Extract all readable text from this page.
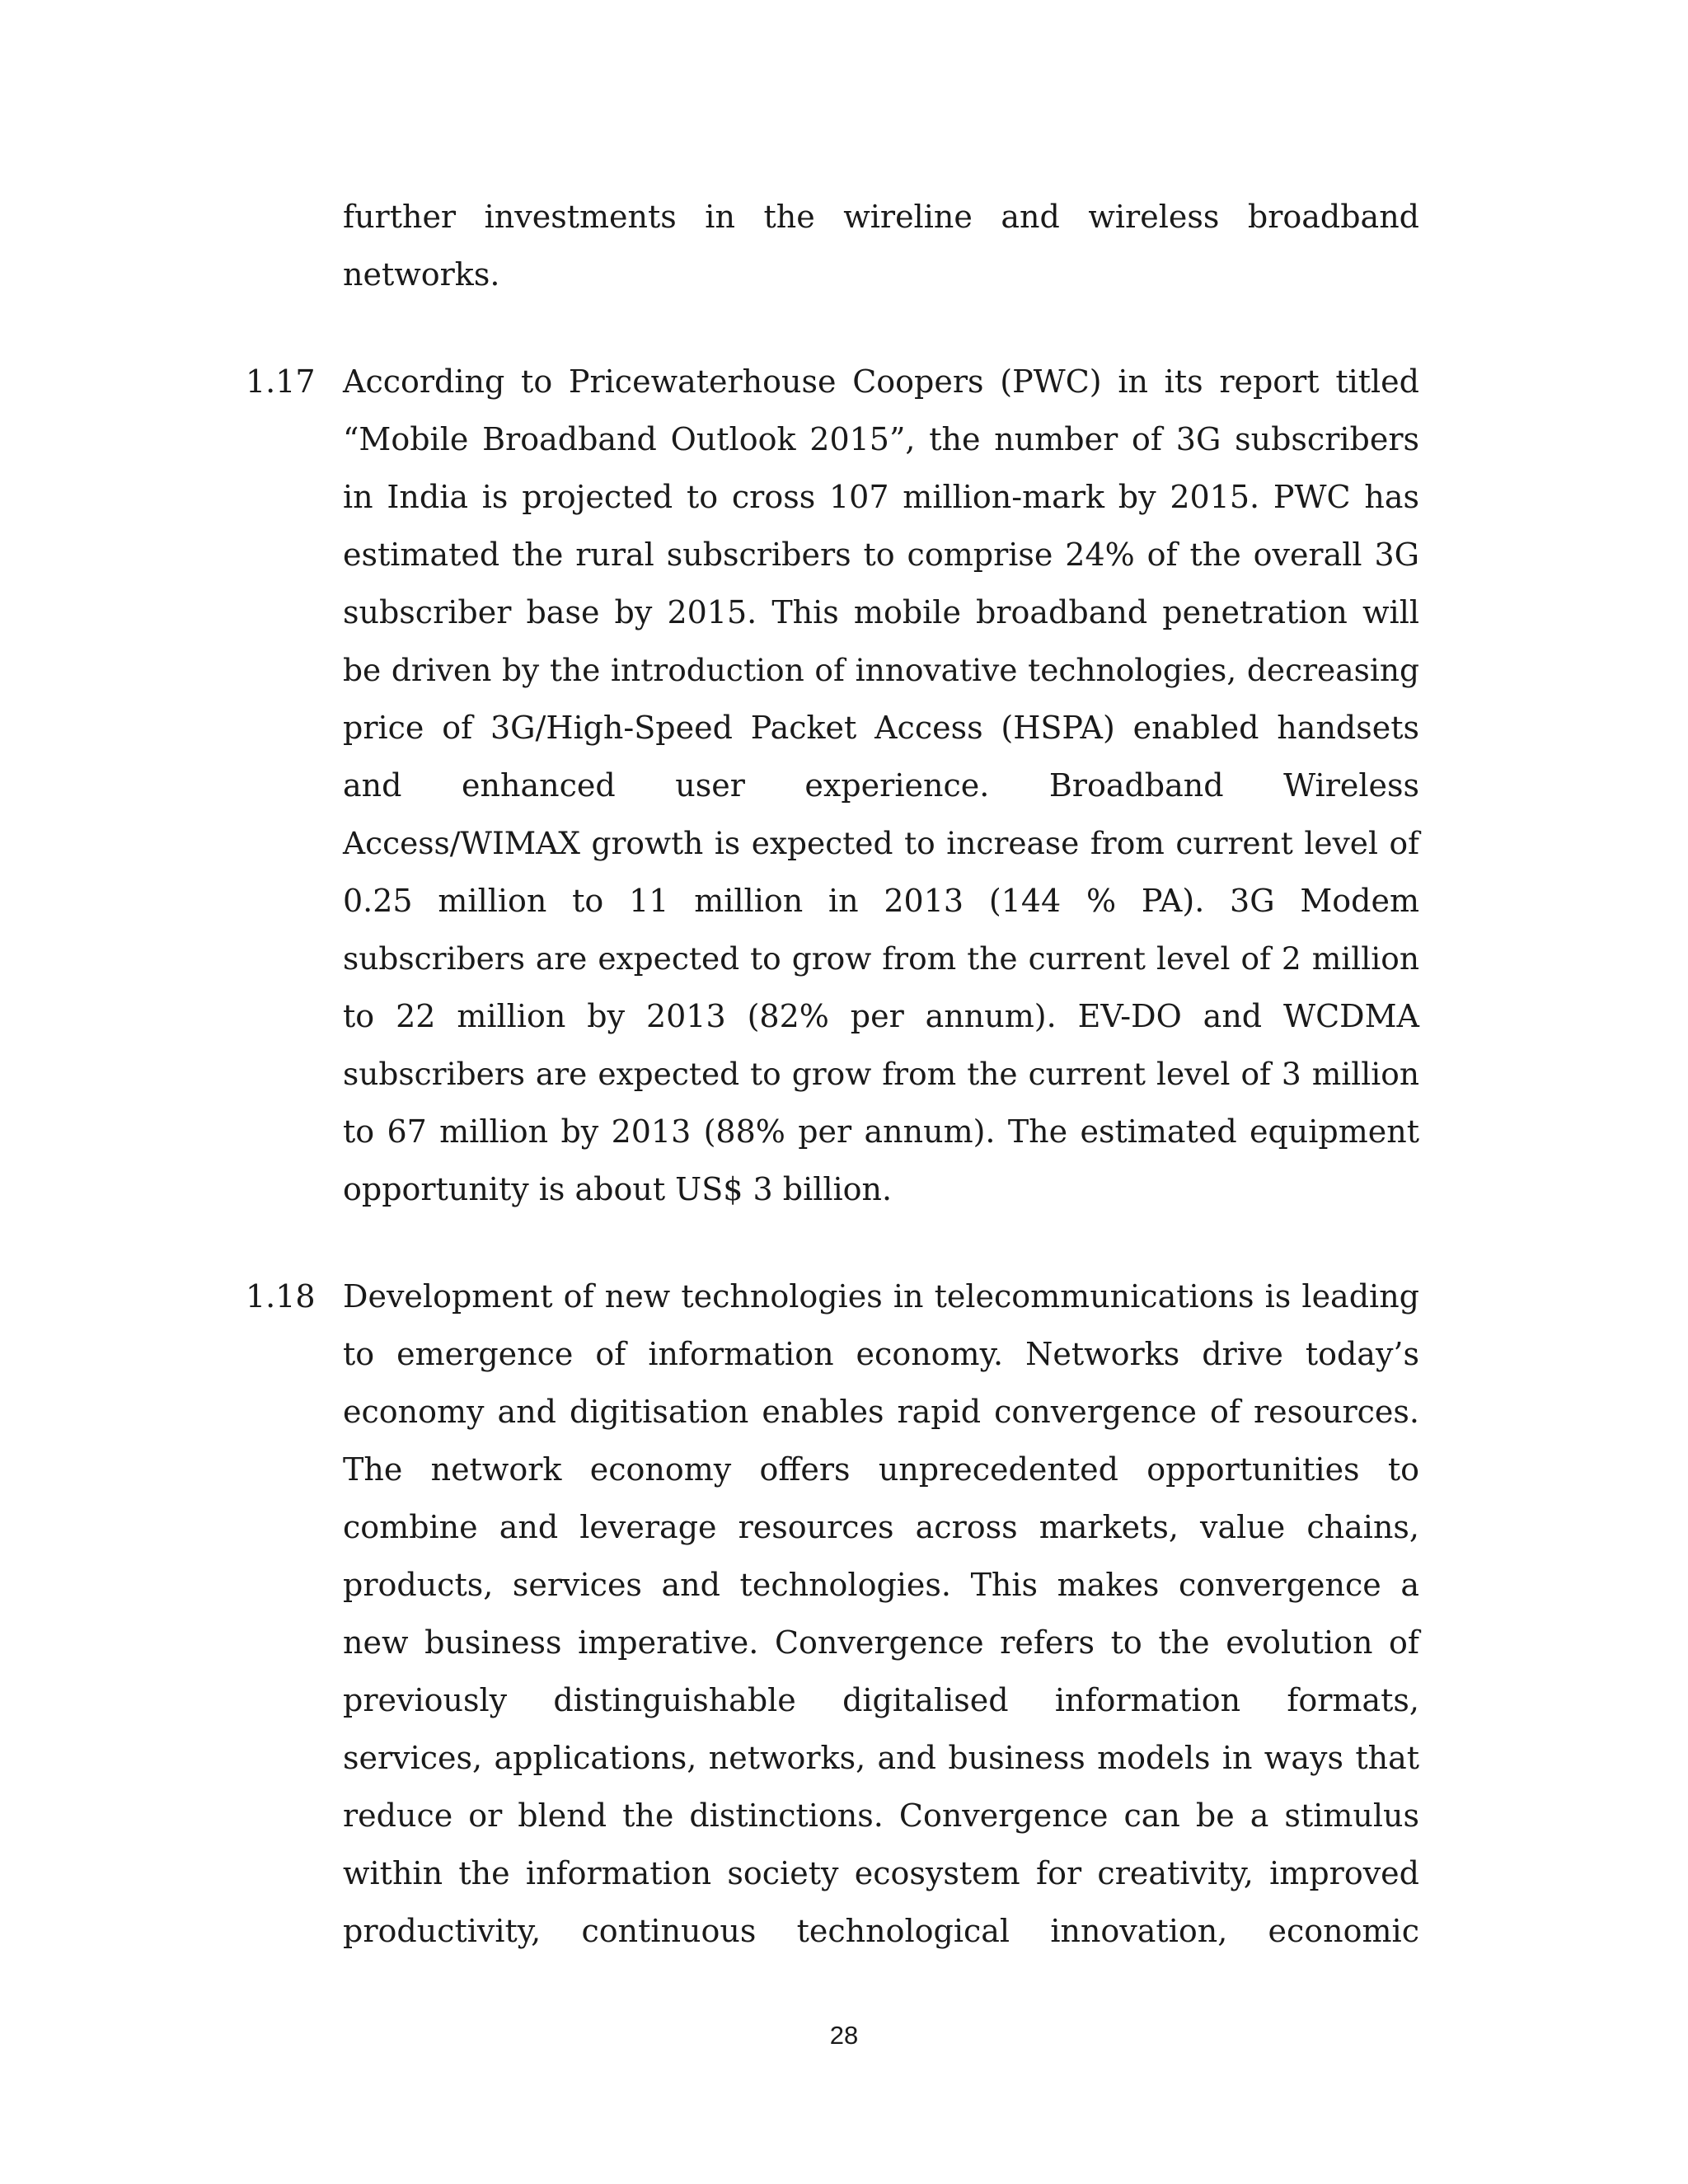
further investments in the wireline and wireless broadband
networks.
1.17 According to Pricewaterhouse Coopers (PWC) in its report titled
“Mobile Broadband Outlook 2015”, the number of 3G subscribers
in India is projected to cross 107 million-mark by 2015. PWC has
estimated the rural subscribers to comprise 24% of the overall 3G
subscriber base by 2015. This mobile broadband penetration will
be driven by the introduction of innovative technologies, decreasing
price of 3G/High-Speed Packet Access (HSPA) enabled handsets
and enhanced user experience. Broadband Wireless
Access/WIMAX growth is expected to increase from current level of
0.25 million to 11 million in 2013 (144 % PA). 3G Modem
subscribers are expected to grow from the current level of 2 million
to 22 million by 2013 (82% per annum). EV-DO and WCDMA
subscribers are expected to grow from the current level of 3 million
to 67 million by 2013 (88% per annum). The estimated equipment
opportunity is about US$ 3 billion.
1.18 Development of new technologies in telecommunications is leading
to emergence of information economy. Networks drive today’s
economy and digitisation enables rapid convergence of resources.
The network economy offers unprecedented opportunities to
combine and leverage resources across markets, value chains,
products, services and technologies. This makes convergence a
new business imperative. Convergence refers to the evolution of
previously distinguishable digitalised information formats,
services, applications, networks, and business models in ways that
reduce or blend the distinctions. Convergence can be a stimulus
within the information society ecosystem for creativity, improved
productivity, continuous technological innovation, economic
28
